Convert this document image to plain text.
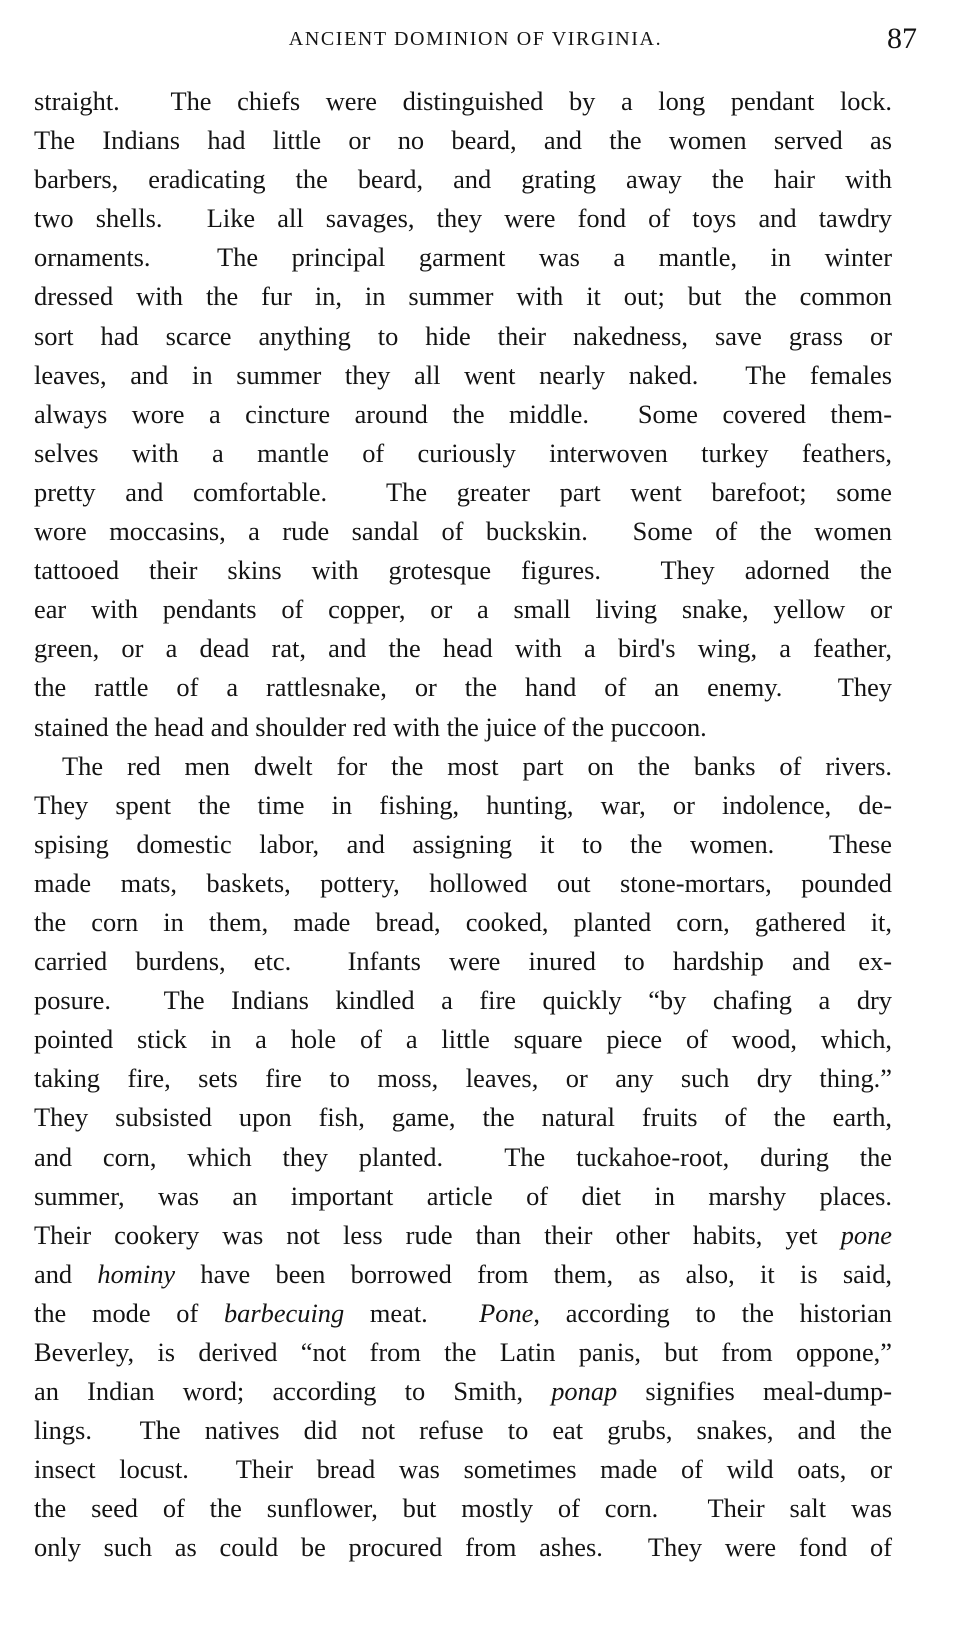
ANCIENT DOMINION OF VIRGINIA.	87
straight.  The chiefs were distinguished by a long pendant lock.
The Indians had little or no beard, and the women served as
barbers, eradicating the beard, and grating away the hair with
two shells.  Like all savages, they were fond of toys and tawdry
ornaments.  The principal garment was a mantle, in winter
dressed with the fur in, in summer with it out; but the common
sort had scarce anything to hide their nakedness, save grass or
leaves, and in summer they all went nearly naked.  The females
always wore a cincture around the middle.  Some covered them-
selves with a mantle of curiously interwoven turkey feathers,
pretty and comfortable.  The greater part went barefoot; some
wore moccasins, a rude sandal of buckskin.  Some of the women
tattooed their skins with grotesque figures.  They adorned the
ear with pendants of copper, or a small living snake, yellow or
green, or a dead rat, and the head with a bird's wing, a feather,
the rattle of a rattlesnake, or the hand of an enemy.  They
stained the head and shoulder red with the juice of the puccoon.
The red men dwelt for the most part on the banks of rivers.
They spent the time in fishing, hunting, war, or indolence, de-
spising domestic labor, and assigning it to the women.  These
made mats, baskets, pottery, hollowed out stone-mortars, pounded
the corn in them, made bread, cooked, planted corn, gathered it,
carried burdens, etc.  Infants were inured to hardship and ex-
posure.  The Indians kindled a fire quickly “by chafing a dry
pointed stick in a hole of a little square piece of wood, which,
taking fire, sets fire to moss, leaves, or any such dry thing.”
They subsisted upon fish, game, the natural fruits of the earth,
and corn, which they planted.  The tuckahoe-root, during the
summer, was an important article of diet in marshy places.
Their cookery was not less rude than their other habits, yet pone
and hominy have been borrowed from them, as also, it is said,
the mode of barbecuing meat.  Pone, according to the historian
Beverley, is derived “not from the Latin panis, but from oppone,”
an Indian word; according to Smith, ponap signifies meal-dump-
lings.  The natives did not refuse to eat grubs, snakes, and the
insect locust.  Their bread was sometimes made of wild oats, or
the seed of the sunflower, but mostly of corn.  Their salt was
only such as could be procured from ashes.  They were fond of
